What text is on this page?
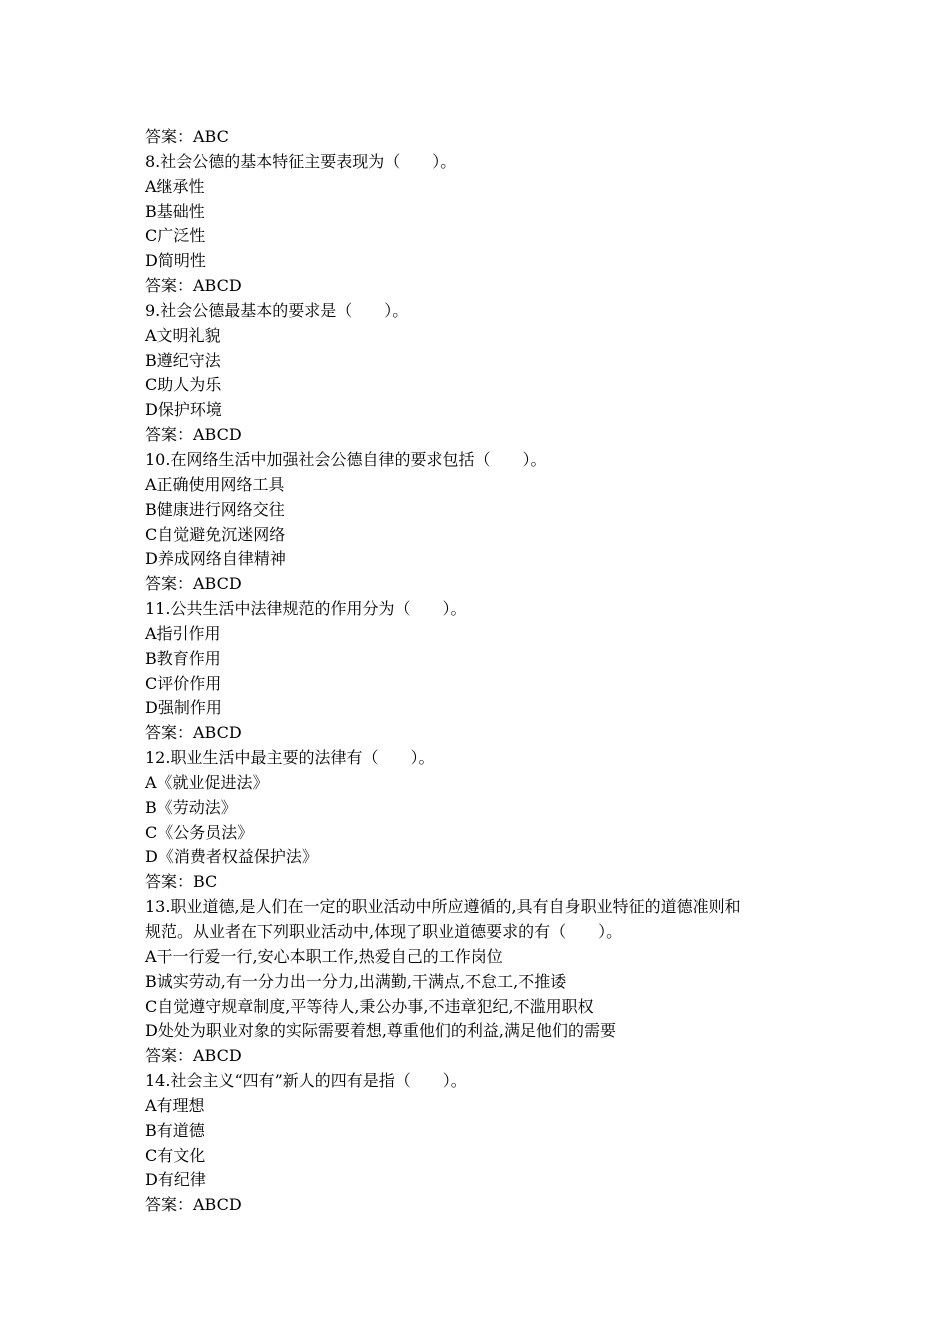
答案：ABC
8.社会公德的基本特征主要表现为（　　）。
A继承性
B基础性
C广泛性
D简明性
答案：ABCD
9.社会公德最基本的要求是（　　）。
A文明礼貌
B遵纪守法
C助人为乐
D保护环境
答案：ABCD
10.在网络生活中加强社会公德自律的要求包括（　　）。
A正确使用网络工具
B健康进行网络交往
C自觉避免沉迷网络
D养成网络自律精神
答案：ABCD
11.公共生活中法律规范的作用分为（　　）。
A指引作用
B教育作用
C评价作用
D强制作用
答案：ABCD
12.职业生活中最主要的法律有（　　）。
A《就业促进法》
B《劳动法》
C《公务员法》
D《消费者权益保护法》
答案：BC
13.职业道德,是人们在一定的职业活动中所应遵循的,具有自身职业特征的道德准则和
规范。从业者在下列职业活动中,体现了职业道德要求的有（　　）。
A干一行爱一行,安心本职工作,热爱自己的工作岗位
B诚实劳动,有一分力出一分力,出满勤,干满点,不怠工,不推诿
C自觉遵守规章制度,平等待人,秉公办事,不违章犯纪,不滥用职权
D处处为职业对象的实际需要着想,尊重他们的利益,满足他们的需要
答案：ABCD
14.社会主义“四有”新人的四有是指（　　）。
A有理想
B有道德
C有文化
D有纪律
答案：ABCD
